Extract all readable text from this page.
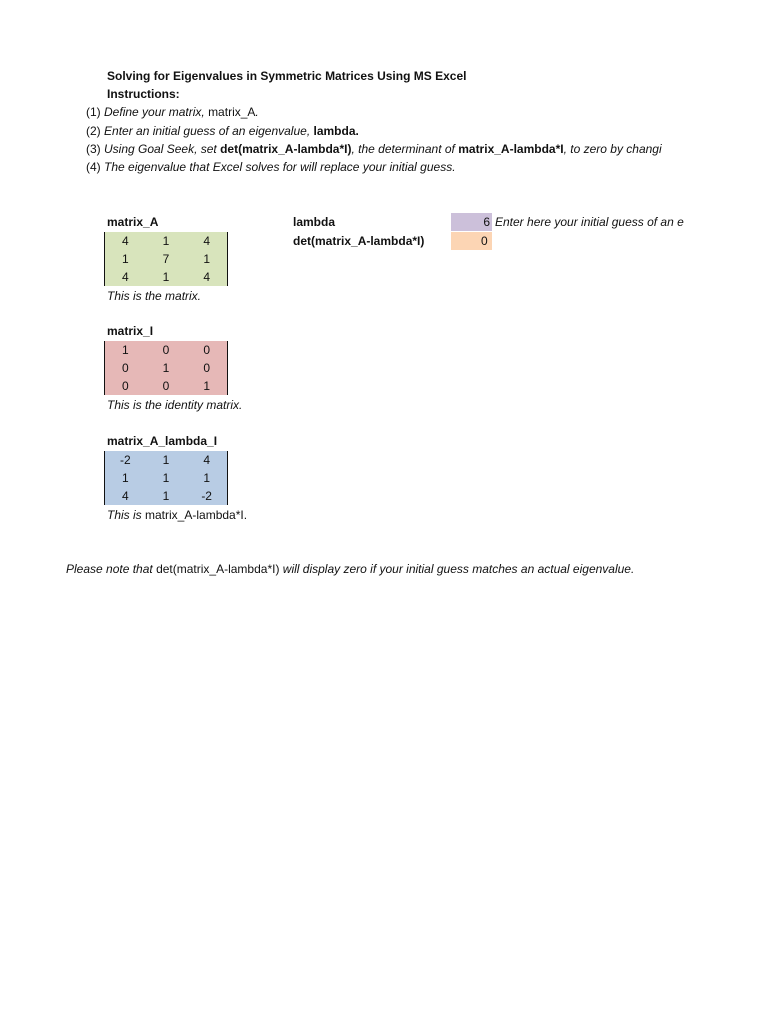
Solving for Eigenvalues in Symmetric Matrices Using MS Excel
Instructions:
(1) Define your matrix, matrix_A.
(2) Enter an initial guess of an eigenvalue, lambda.
(3) Using Goal Seek, set det(matrix_A-lambda*I), the determinant of matrix_A-lambda*I, to zero by changi
(4) The eigenvalue that Excel solves for will replace your initial guess.
matrix_A
4	1	4
1	7	1
4	1	4
This is the matrix.
matrix_I
1	0	0
0	1	0
0	0	1
This is the identity matrix.
matrix_A_lambda_I
-2	1	4
1	1	1
4	1	-2
This is matrix_A-lambda*I.
lambda	6 Enter here your initial guess of an e
det(matrix_A-lambda*I)	0
Please note that det(matrix_A-lambda*I) will display zero if your initial guess matches an actual eigenvalue.
